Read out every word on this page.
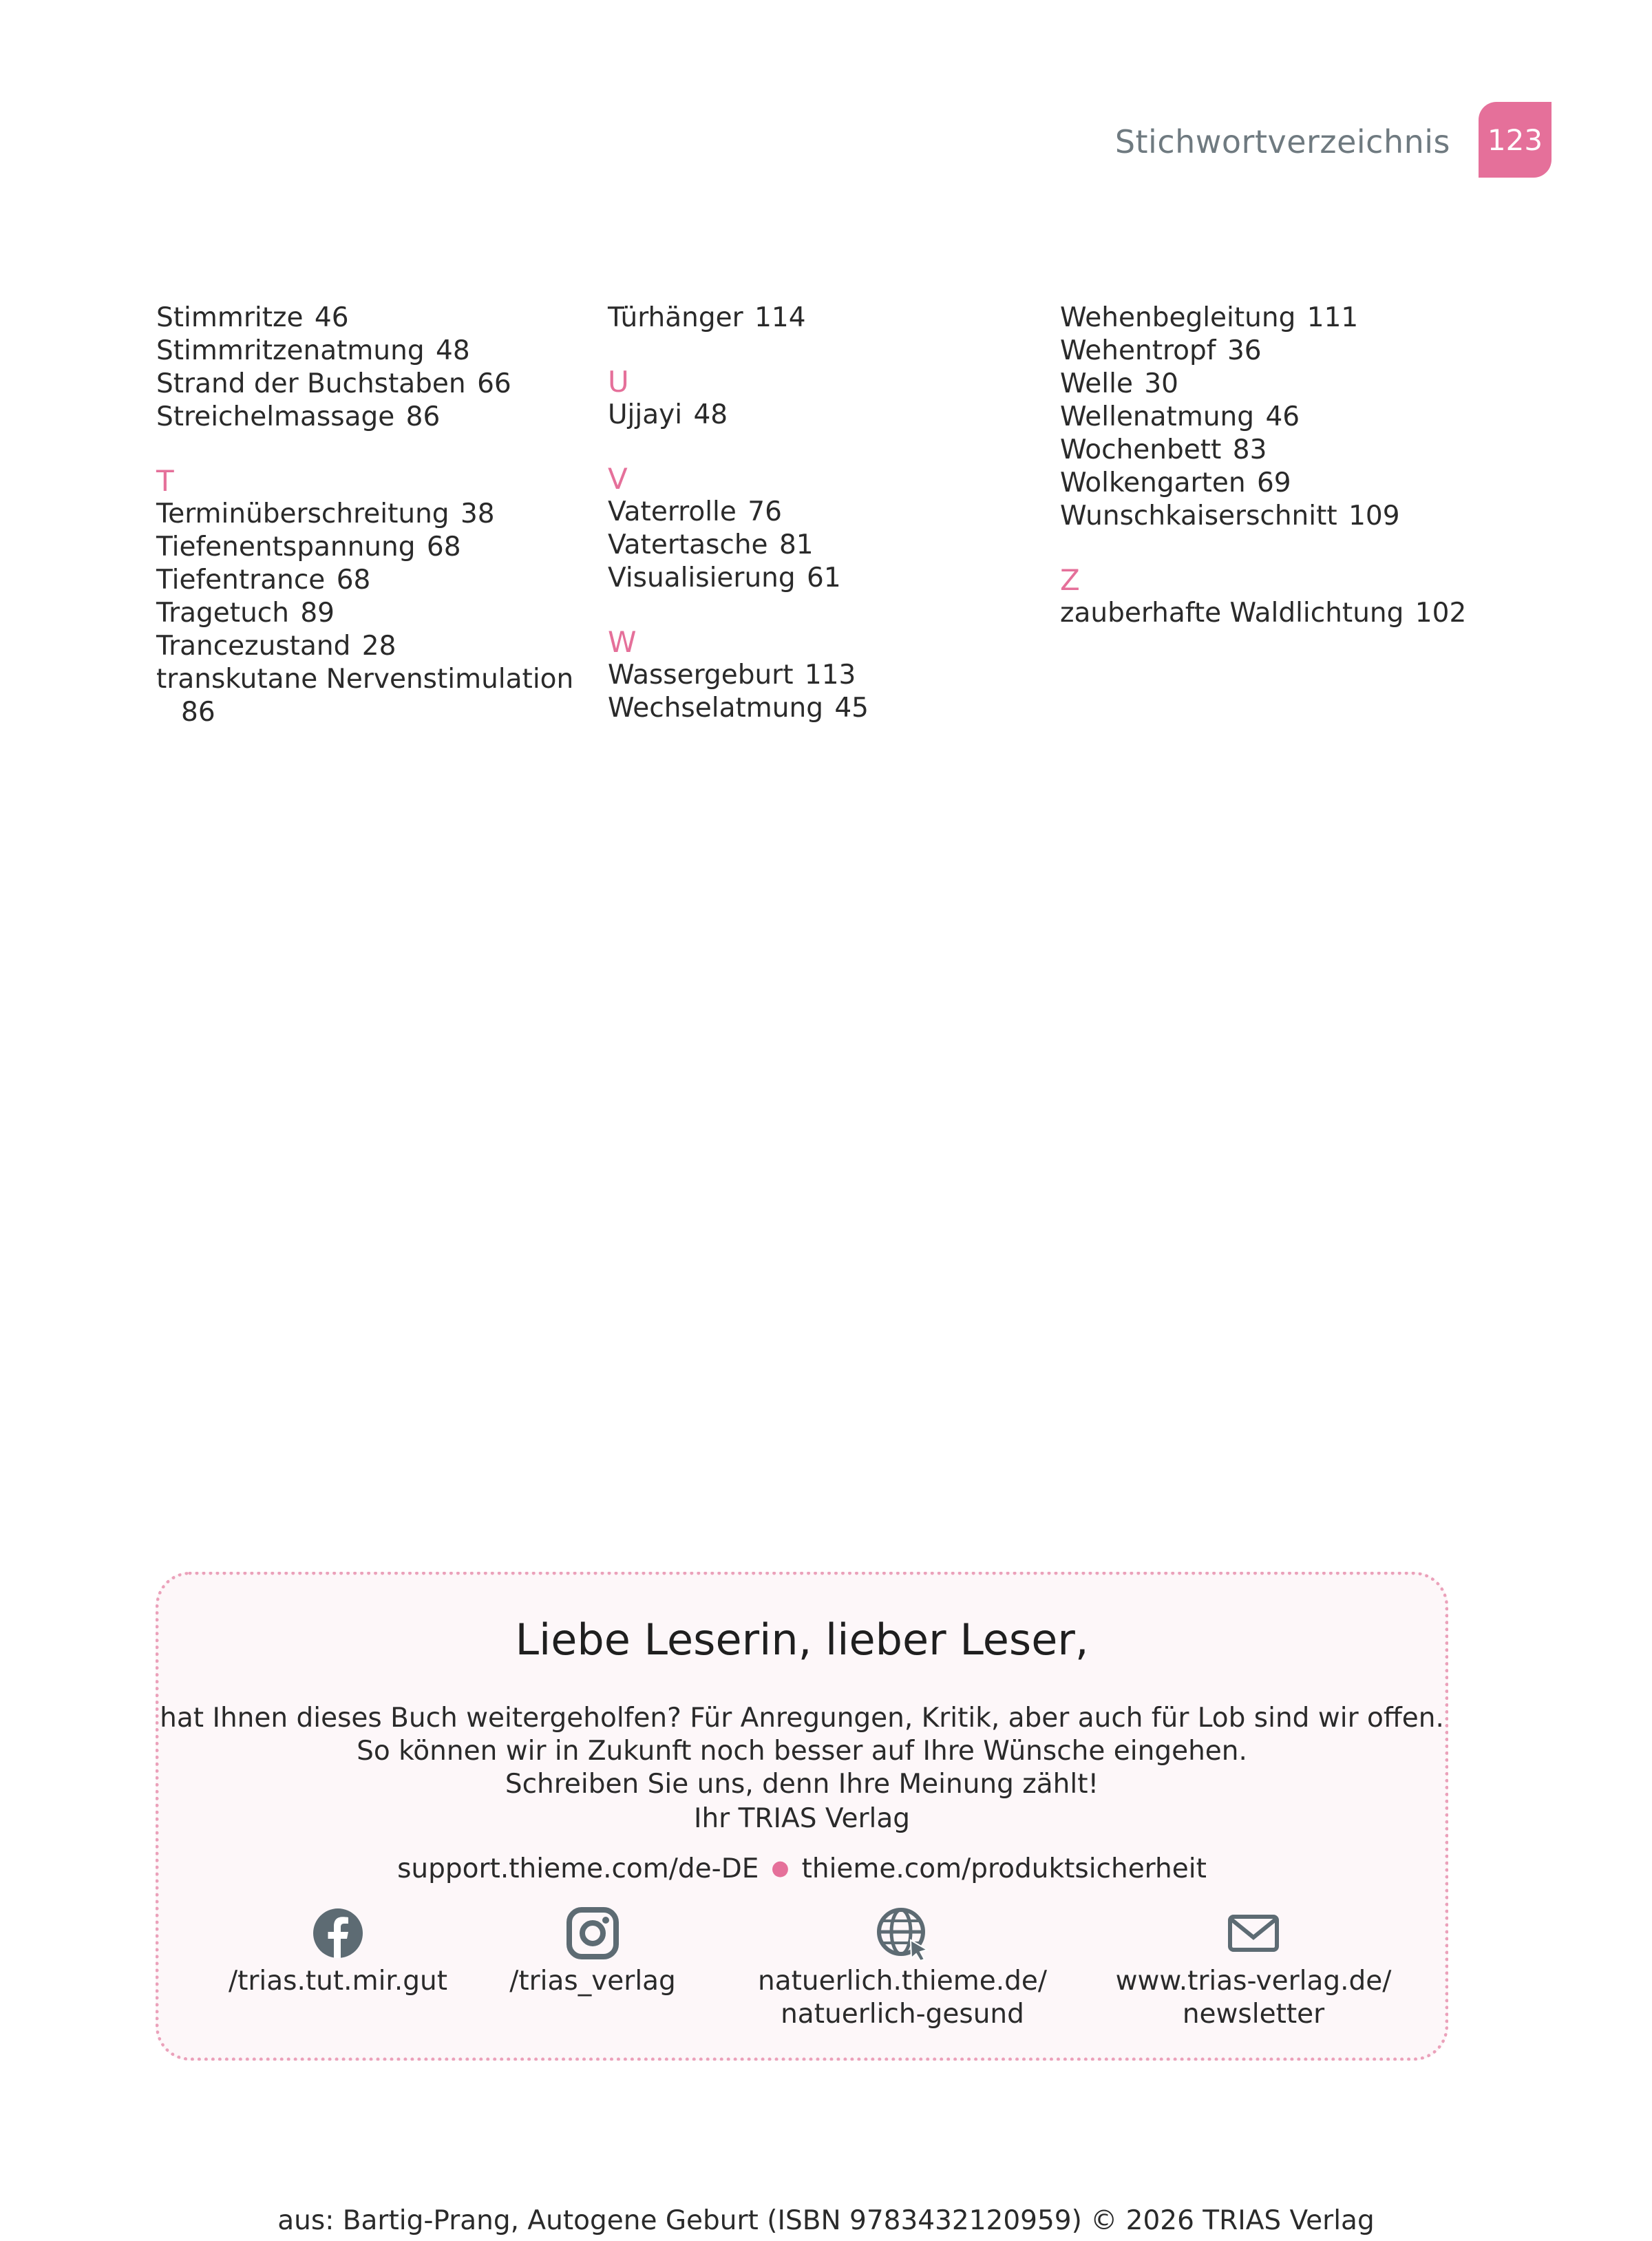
Stichwortverzeichnis 123
Stimmritze 46
Stimmritzenatmung 48
Strand der Buchstaben 66
Streichelmassage 86
T
Terminüberschreitung 38
Tiefenentspannung 68
Tiefentrance 68
Tragetuch 89
Trancezustand 28
transkutane Nervenstimulation
86
Türhänger 114
U
Ujjayi 48
V
Vaterrolle 76
Vatertasche 81
Visualisierung 61
W
Wassergeburt 113
Wechselatmung 45
Wehenbegleitung 111
Wehentropf 36
Welle 30
Wellenatmung 46
Wochenbett 83
Wolkengarten 69
Wunschkaiserschnitt 109
Z
zauberhafte Waldlichtung 102
Liebe Leserin, lieber Leser,
hat Ihnen dieses Buch weitergeholfen? Für Anregungen, Kritik, aber auch für Lob sind wir offen.
So können wir in Zukunft noch besser auf Ihre Wünsche eingehen.
Schreiben Sie uns, denn Ihre Meinung zählt!
Ihr TRIAS Verlag
support.thieme.com/de-DE ● thieme.com/produktsicherheit
/trias.tut.mir.gut	/trias_verlag	natuerlich.thieme.de/
natuerlich-gesund
www.trias-verlag.de/
newsletter
aus: Bartig-Prang, Autogene Geburt (ISBN 9783432120959) © 2026 TRIAS Verlag
